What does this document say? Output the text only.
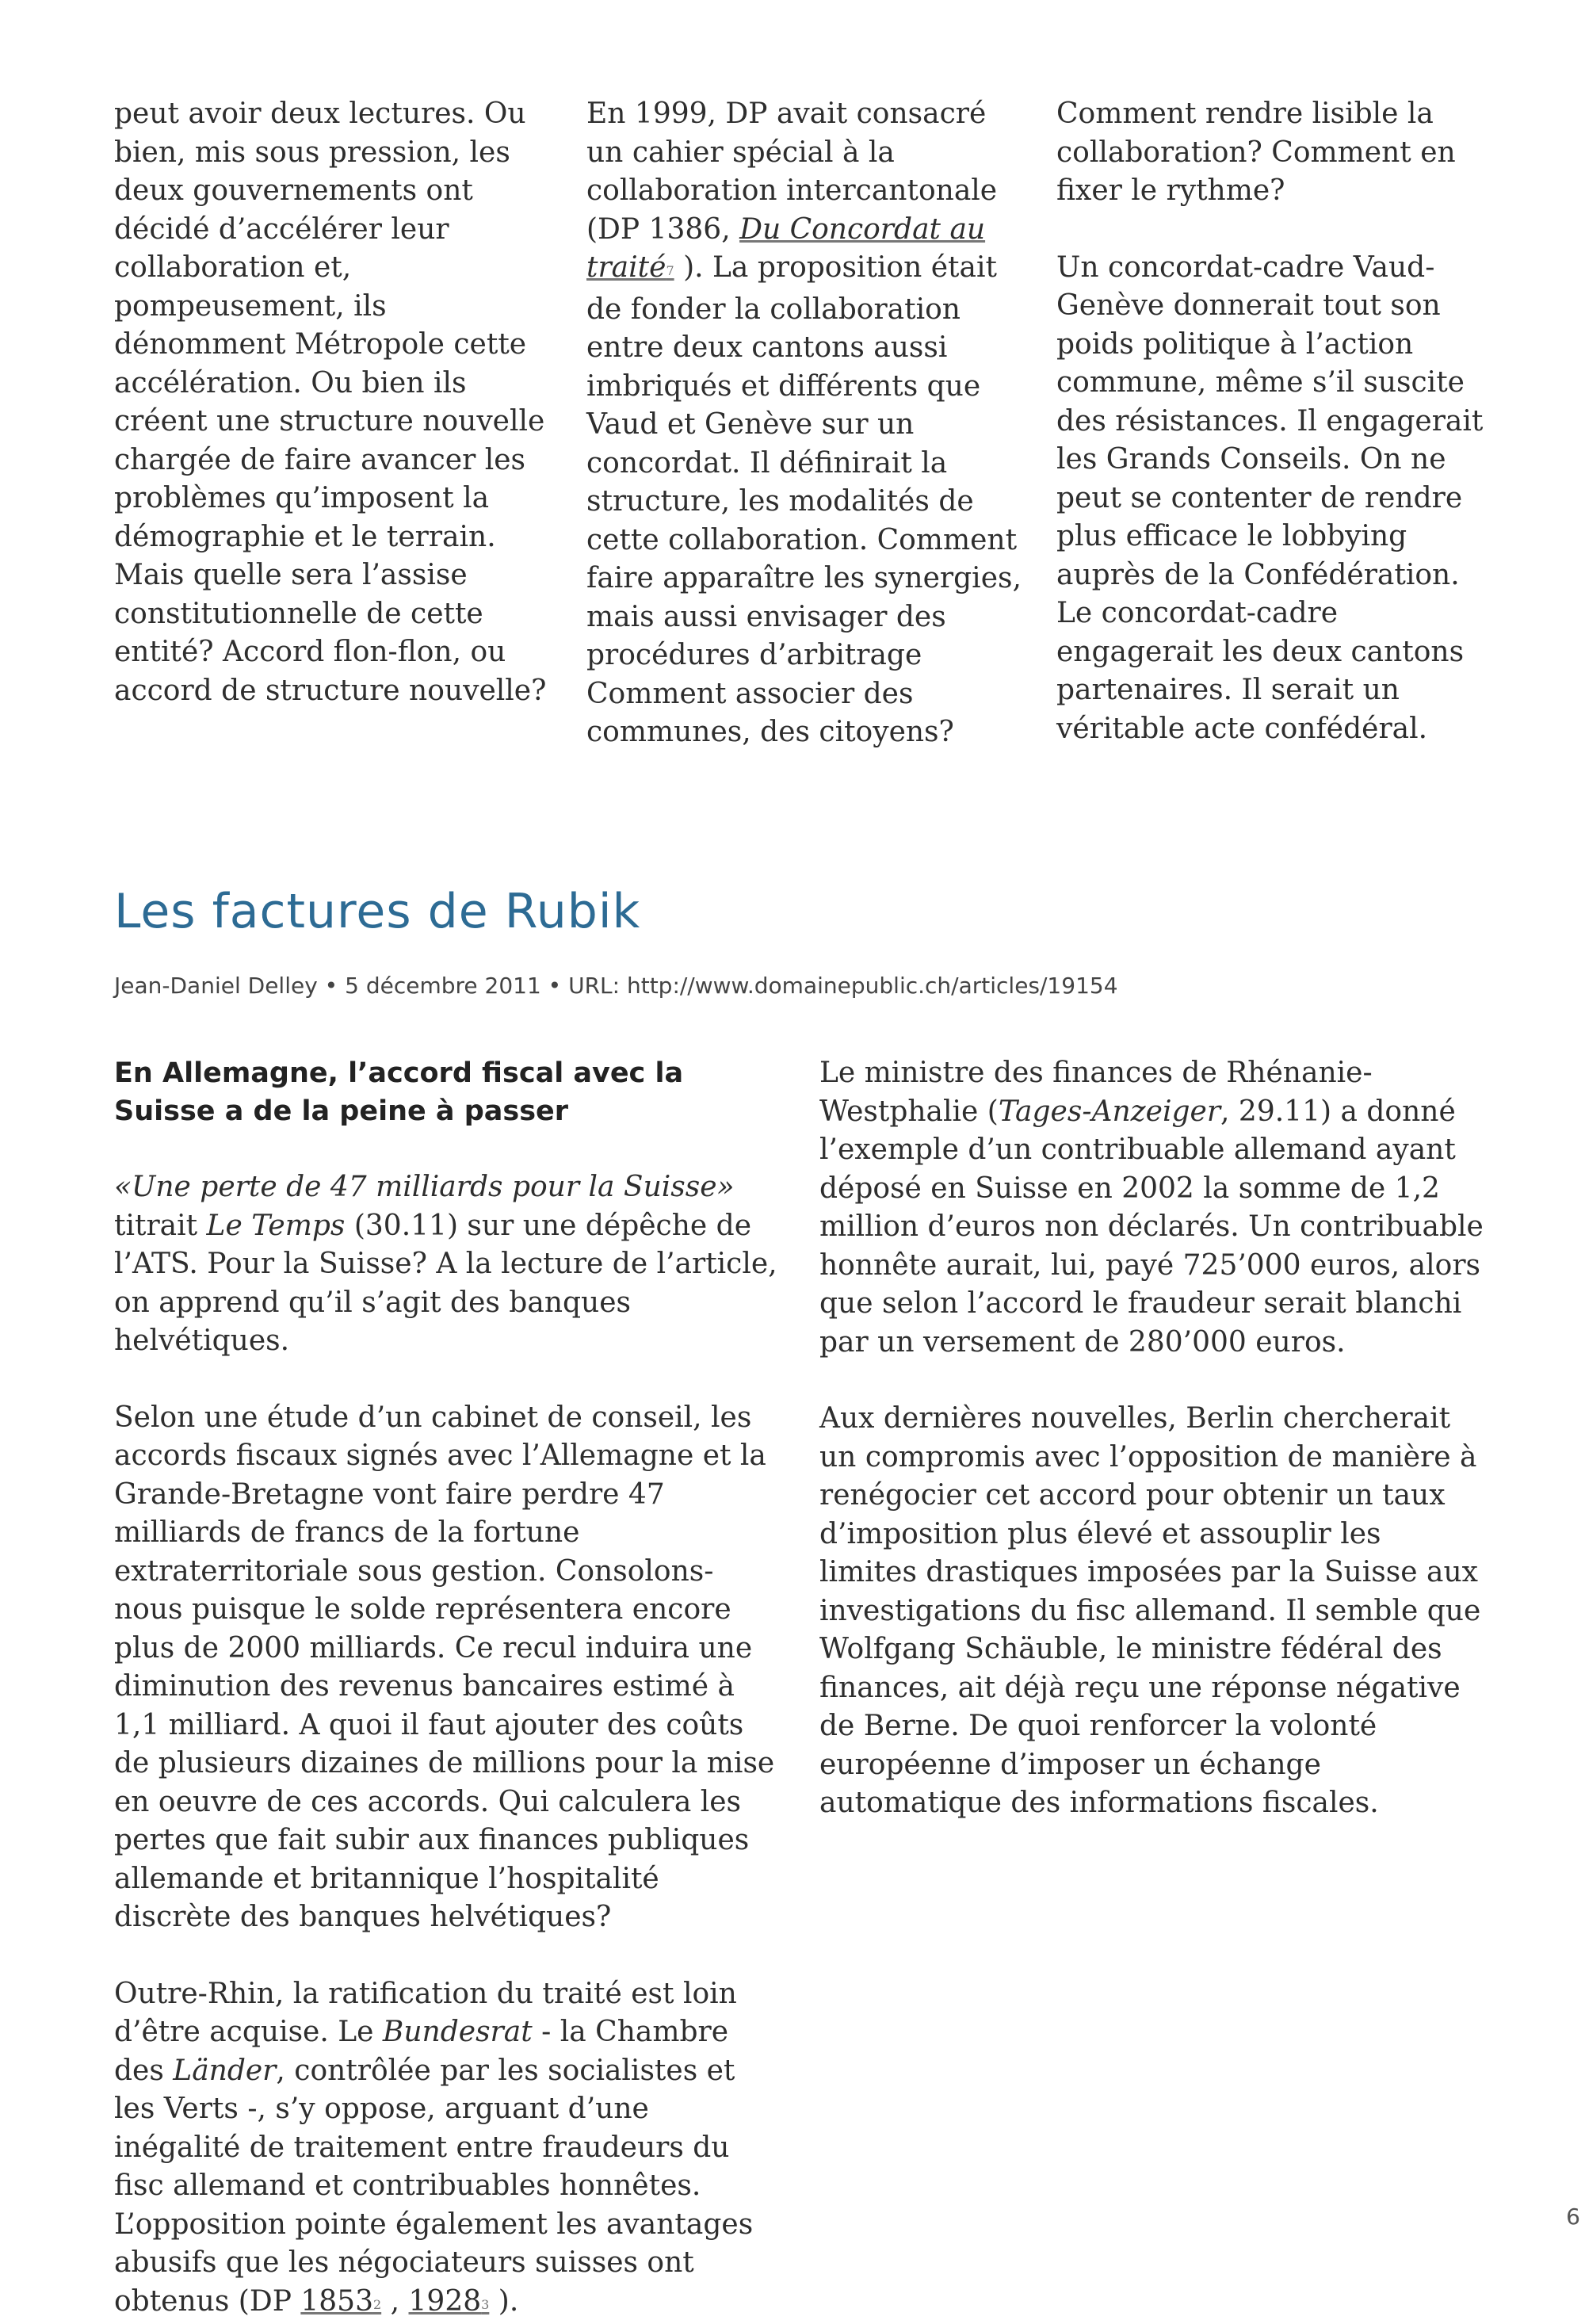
peut avoir deux lectures. Ou bien, mis sous pression, les deux gouvernements ont décidé d’accélérer leur collaboration et, pompeusement, ils dénomment Métropole cette accélération. Ou bien ils créent une structure nouvelle chargée de faire avancer les problèmes qu’imposent la démographie et le terrain. Mais quelle sera l’assise constitutionnelle de cette entité? Accord flon-flon, ou accord de structure nouvelle?

En 1999, DP avait consacré un cahier spécial à la collaboration intercantonale (DP 1386, Du Concordat au traité7 ). La proposition était de fonder la collaboration entre deux cantons aussi imbriqués et différents que Vaud et Genève sur un concordat. Il définirait la structure, les modalités de cette collaboration. Comment faire apparaître les synergies, mais aussi envisager des procédures d’arbitrage Comment associer des communes, des citoyens?

Comment rendre lisible la collaboration? Comment en fixer le rythme?

Un concordat-cadre Vaud-Genève donnerait tout son poids politique à l’action commune, même s’il suscite des résistances. Il engagerait les Grands Conseils. On ne peut se contenter de rendre plus efficace le lobbying auprès de la Confédération. Le concordat-cadre engagerait les deux cantons partenaires. Il serait un véritable acte confédéral.

Les factures de Rubik
Jean-Daniel Delley • 5 décembre 2011 • URL: http://www.domainepublic.ch/articles/19154

En Allemagne, l’accord fiscal avec la Suisse a de la peine à passer

«Une perte de 47 milliards pour la Suisse» titrait Le Temps (30.11) sur une dépêche de l’ATS. Pour la Suisse? A la lecture de l’article, on apprend qu’il s’agit des banques helvétiques.

Selon une étude d’un cabinet de conseil, les accords fiscaux signés avec l’Allemagne et la Grande-Bretagne vont faire perdre 47 milliards de francs de la fortune extraterritoriale sous gestion. Consolons-nous puisque le solde représentera encore plus de 2000 milliards. Ce recul induira une diminution des revenus bancaires estimé à 1,1 milliard. A quoi il faut ajouter des coûts de plusieurs dizaines de millions pour la mise en oeuvre de ces accords. Qui calculera les pertes que fait subir aux finances publiques allemande et britannique l’hospitalité discrète des banques helvétiques?

Outre-Rhin, la ratification du traité est loin d’être acquise. Le Bundesrat - la Chambre des Länder, contrôlée par les socialistes et les Verts -, s’y oppose, arguant d’une inégalité de traitement entre fraudeurs du fisc allemand et contribuables honnêtes. L’opposition pointe également les avantages abusifs que les négociateurs suisses ont obtenus (DP 18532 , 19283 ).

Le ministre des finances de Rhénanie-Westphalie (Tages-Anzeiger, 29.11) a donné l’exemple d’un contribuable allemand ayant déposé en Suisse en 2002 la somme de 1,2 million d’euros non déclarés. Un contribuable honnête aurait, lui, payé 725’000 euros, alors que selon l’accord le fraudeur serait blanchi par un versement de 280’000 euros.

Aux dernières nouvelles, Berlin chercherait un compromis avec l’opposition de manière à renégocier cet accord pour obtenir un taux d’imposition plus élevé et assouplir les limites drastiques imposées par la Suisse aux investigations du fisc allemand. Il semble que Wolfgang Schäuble, le ministre fédéral des finances, ait déjà reçu une réponse négative de Berne. De quoi renforcer la volonté européenne d’imposer un échange automatique des informations fiscales.

6
